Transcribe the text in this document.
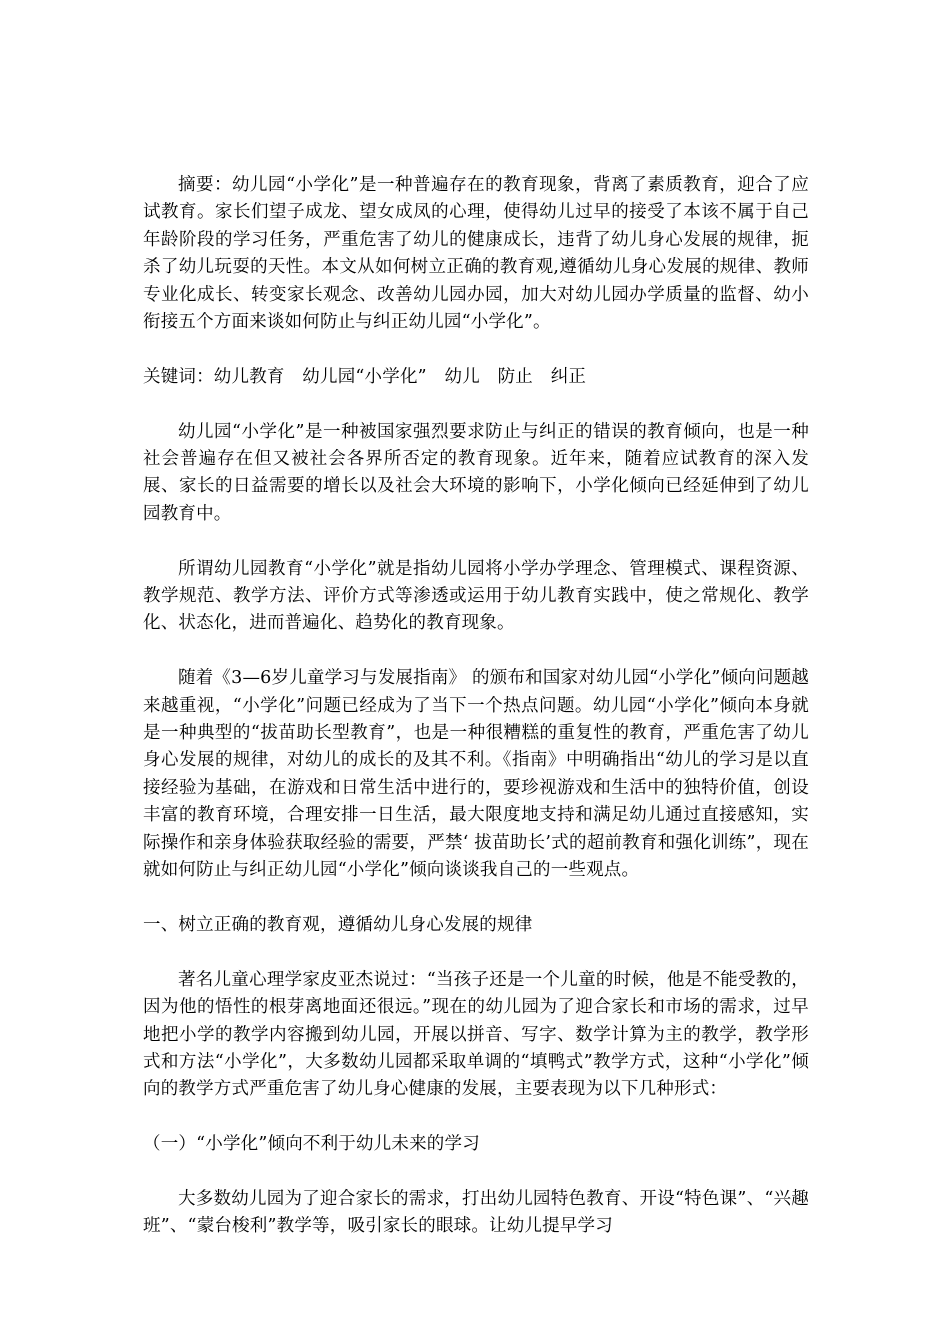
摘要：幼儿园“小学化”是一种普遍存在的教育现象，背离了素质教育，迎合了应试教育。家长们望子成龙、望女成凤的心理，使得幼儿过早的接受了本该不属于自己年龄阶段的学习任务，严重危害了幼儿的健康成长，违背了幼儿身心发展的规律，扼杀了幼儿玩耍的天性。本文从如何树立正确的教育观,遵循幼儿身心发展的规律、教师专业化成长、转变家长观念、改善幼儿园办园，加大对幼儿园办学质量的监督、幼小衔接五个方面来谈如何防止与纠正幼儿园“小学化”。

关键词：幼儿教育　幼儿园“小学化”　幼儿　防止　纠正

幼儿园“小学化”是一种被国家强烈要求防止与纠正的错误的教育倾向，也是一种社会普遍存在但又被社会各界所否定的教育现象。近年来，随着应试教育的深入发展、家长的日益需要的增长以及社会大环境的影响下，小学化倾向已经延伸到了幼儿园教育中。

所谓幼儿园教育“小学化”就是指幼儿园将小学办学理念、管理模式、课程资源、教学规范、教学方法、评价方式等渗透或运用于幼儿教育实践中，使之常规化、教学化、状态化，进而普遍化、趋势化的教育现象。

随着《3—6岁儿童学习与发展指南》 的颁布和国家对幼儿园“小学化”倾向问题越来越重视，“小学化”问题已经成为了当下一个热点问题。幼儿园“小学化”倾向本身就是一种典型的“拔苗助长型教育”，也是一种很糟糕的重复性的教育，严重危害了幼儿身心发展的规律，对幼儿的成长的及其不利。《指南》中明确指出“幼儿的学习是以直接经验为基础，在游戏和日常生活中进行的，要珍视游戏和生活中的独特价值，创设丰富的教育环境，合理安排一日生活，最大限度地支持和满足幼儿通过直接感知，实际操作和亲身体验获取经验的需要，严禁‘ 拔苗助长’式的超前教育和强化训练”，现在就如何防止与纠正幼儿园“小学化”倾向谈谈我自己的一些观点。

一、树立正确的教育观，遵循幼儿身心发展的规律

著名儿童心理学家皮亚杰说过：“当孩子还是一个儿童的时候，他是不能受教的，因为他的悟性的根芽离地面还很远。”现在的幼儿园为了迎合家长和市场的需求，过早地把小学的教学内容搬到幼儿园，开展以拼音、写字、数学计算为主的教学，教学形式和方法“小学化”，大多数幼儿园都采取单调的“填鸭式”教学方式，这种“小学化”倾向的教学方式严重危害了幼儿身心健康的发展，主要表现为以下几种形式：

（一）“小学化”倾向不利于幼儿未来的学习

大多数幼儿园为了迎合家长的需求，打出幼儿园特色教育、开设“特色课”、“兴趣班”、“蒙台梭利”教学等，吸引家长的眼球。让幼儿提早学习
